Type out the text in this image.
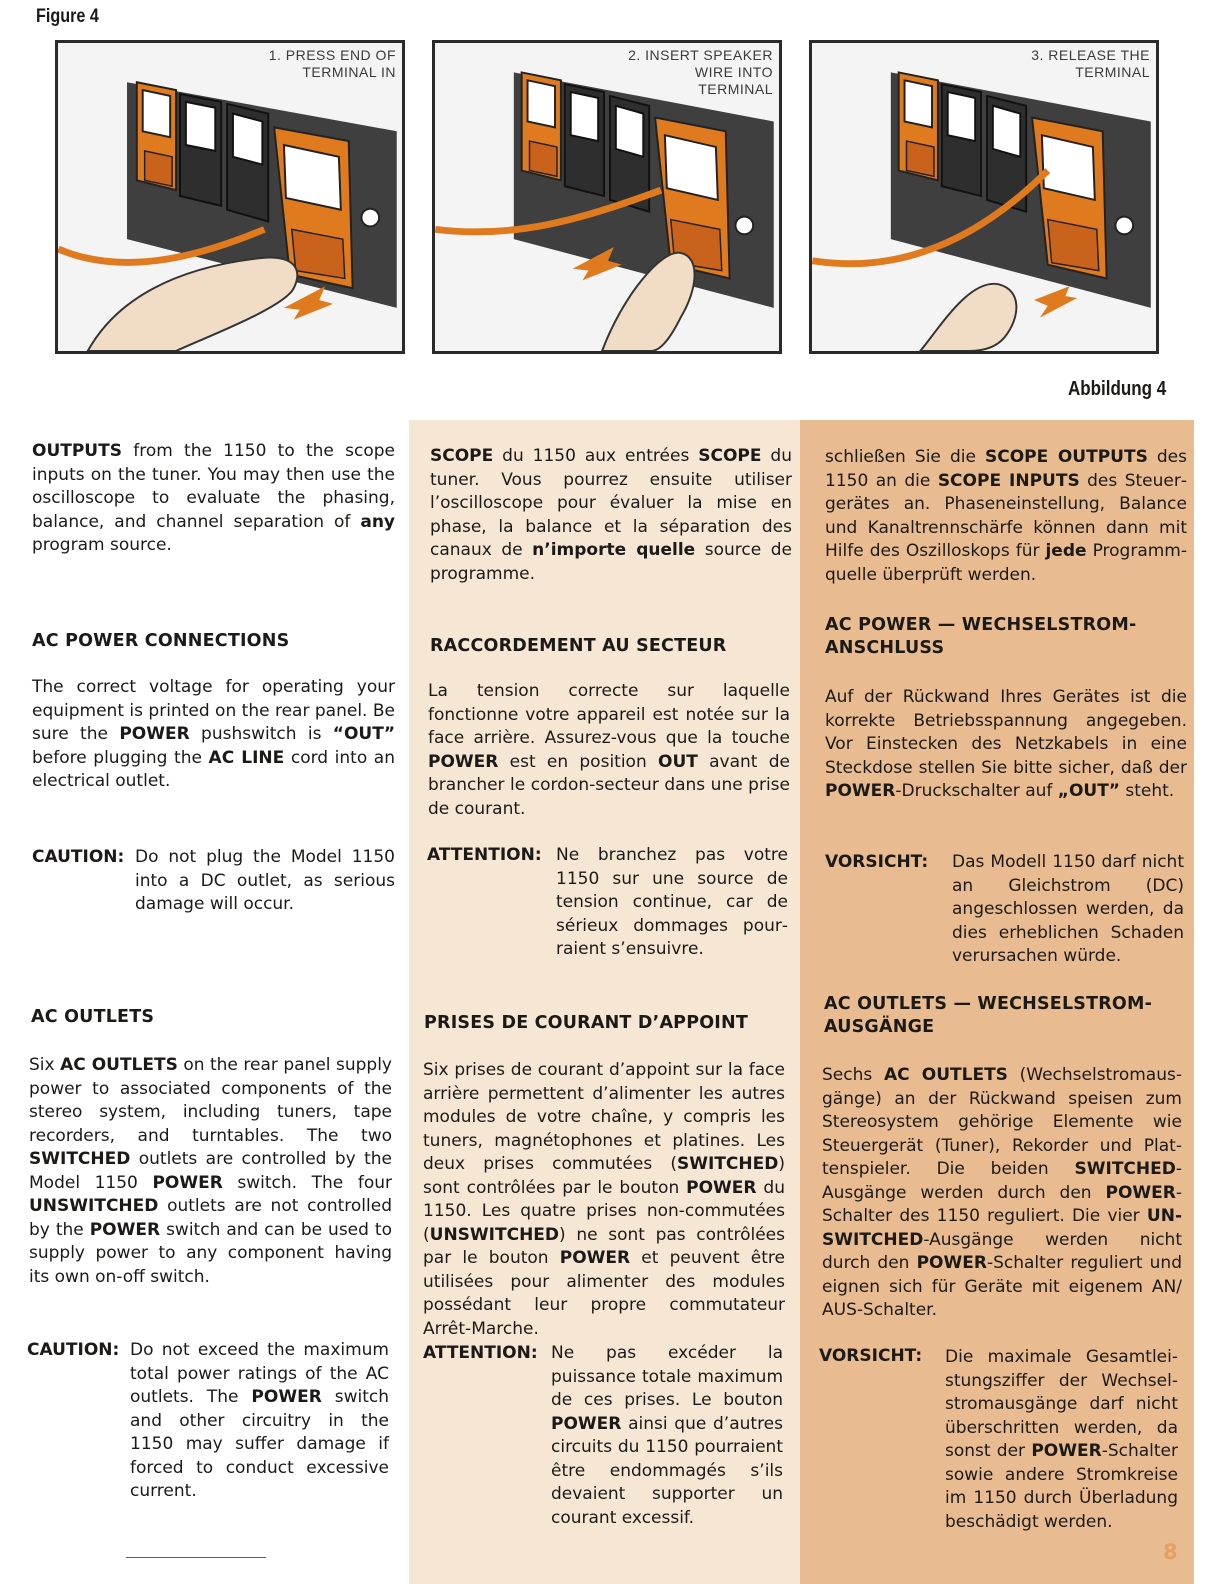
Figure 4
1. PRESS END OF
TERMINAL IN
2. INSERT SPEAKER
WIRE INTO
TERMINAL
3. RELEASE THE
TERMINAL
Abbildung 4
OUTPUTS from the 1150 to the scope inputs on the tuner. You may then use the oscilloscope to evaluate the phasing, balance, and channel separation of any program source.
AC POWER CONNECTIONS
The correct voltage for operating your equipment is printed on the rear panel. Be sure the POWER pushswitch is “OUT” before plugging the AC LINE cord into an electrical outlet.
CAUTION: Do not plug the Model 1150 into a DC outlet, as serious damage will occur.
AC OUTLETS
Six AC OUTLETS on the rear panel supply power to associated components of the stereo system, including tuners, tape recorders, and turntables. The two SWITCHED outlets are controlled by the Model 1150 POWER switch. The four UNSWITCHED outlets are not controlled by the POWER switch and can be used to supply power to any component having its own on-off switch.
CAUTION: Do not exceed the maximum total power ratings of the AC outlets. The POWER switch and other circuitry in the 1150 may suffer damage if forced to conduct excessive current.
SCOPE du 1150 aux entrées SCOPE du tuner. Vous pourrez ensuite utiliser l’oscilloscope pour évaluer la mise en phase, la balance et la séparation des canaux de n’importe quelle source de programme.
RACCORDEMENT AU SECTEUR
La tension correcte sur laquelle fonctionne votre appareil est notée sur la face arrière. Assurez-vous que la touche POWER est en position OUT avant de brancher le cordon-secteur dans une prise de courant.
ATTENTION: Ne branchez pas votre 1150 sur une source de tension continue, car de sérieux dommages pourraient s’ensuivre.
PRISES DE COURANT D’APPOINT
Six prises de courant d’appoint sur la face arrière permettent d’alimenter les autres modules de votre chaîne, y compris les tuners, magnétophones et platines. Les deux prises commutées (SWITCHED) sont contrôlées par le bouton POWER du 1150. Les quatre prises non-commutées (UNSWITCHED) ne sont pas contrôlées par le bouton POWER et peuvent être utilisées pour alimenter des modules possédant leur propre commutateur Arrêt-Marche.
ATTENTION: Ne pas excéder la puissance totale maximum de ces prises. Le bouton POWER ainsi que d’autres circuits du 1150 pourraient être endommagés s’ils devaient supporter un courant excessif.
schließen Sie die SCOPE OUTPUTS des 1150 an die SCOPE INPUTS des Steuergerätes an. Phaseneinstellung, Balance und Kanaltrennschärfe können dann mit Hilfe des Oszilloskops für jede Programmquelle überprüft werden.
AC POWER — WECHSELSTROM-ANSCHLUSS
Auf der Rückwand Ihres Gerätes ist die korrekte Betriebsspannung angegeben. Vor Einstecken des Netzkabels in eine Steckdose stellen Sie bitte sicher, daß der POWER-Druckschalter auf „OUT” steht.
VORSICHT: Das Modell 1150 darf nicht an Gleichstrom (DC) angeschlossen werden, da dies erheblichen Schaden verursachen würde.
AC OUTLETS — WECHSELSTROM-AUSGÄNGE
Sechs AC OUTLETS (Wechselstromausgänge) an der Rückwand speisen zum Stereosystem gehörige Elemente wie Steuergerät (Tuner), Rekorder und Plattenspieler. Die beiden SWITCHED-Ausgänge werden durch den POWER-Schalter des 1150 reguliert. Die vier UNSWITCHED-Ausgänge werden nicht durch den POWER-Schalter reguliert und eignen sich für Geräte mit eigenem AN/ AUS-Schalter.
VORSICHT: Die maximale Gesamtleistungsziffer der Wechselstromausgänge darf nicht überschritten werden, da sonst der POWER-Schalter sowie andere Stromkreise im 1150 durch Überladung beschädigt werden.
8
